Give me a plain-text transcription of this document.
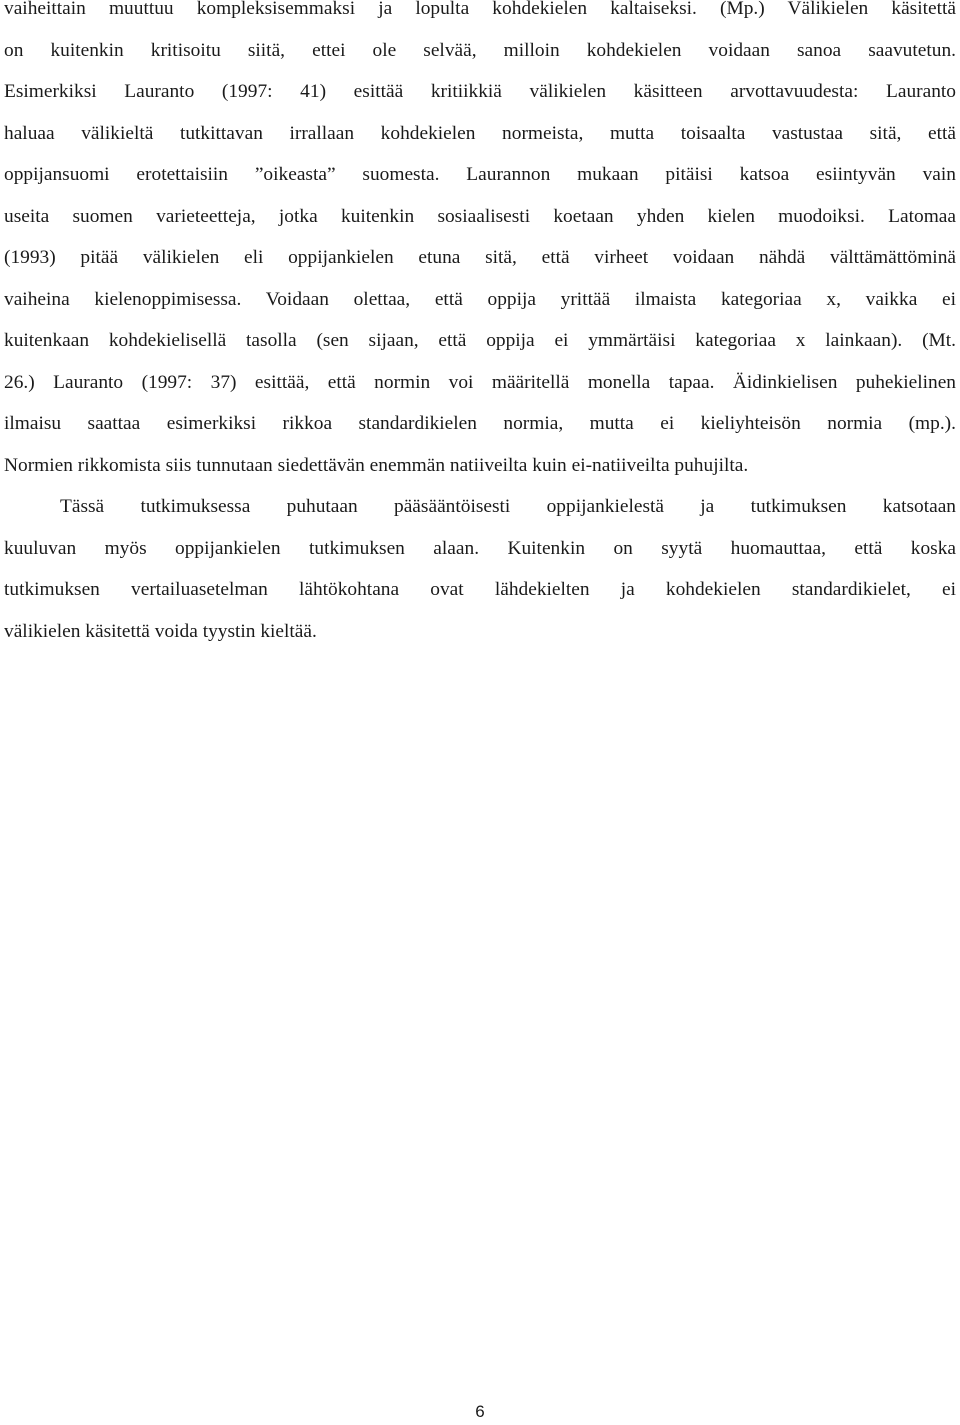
vaiheittain muuttuu kompleksisemmaksi ja lopulta kohdekielen kaltaiseksi. (Mp.) Välikielen käsitettä
on kuitenkin kritisoitu siitä, ettei ole selvää, milloin kohdekielen voidaan sanoa saavutetun.
Esimerkiksi Lauranto (1997: 41) esittää kritiikkiä välikielen käsitteen arvottavuudesta: Lauranto
haluaa välikieltä tutkittavan irrallaan kohdekielen normeista, mutta toisaalta vastustaa sitä, että
oppijansuomi erotettaisiin ”oikeasta” suomesta. Laurannon mukaan pitäisi katsoa esiintyvän vain
useita suomen varieteetteja, jotka kuitenkin sosiaalisesti koetaan yhden kielen muodoiksi. Latomaa
(1993) pitää välikielen eli oppijankielen etuna sitä, että virheet voidaan nähdä välttämättöminä
vaiheina kielenoppimisessa. Voidaan olettaa, että oppija yrittää ilmaista kategoriaa x, vaikka ei
kuitenkaan kohdekielisellä tasolla (sen sijaan, että oppija ei ymmärtäisi kategoriaa x lainkaan). (Mt.
26.) Lauranto (1997: 37) esittää, että normin voi määritellä monella tapaa. Äidinkielisen puhekielinen
ilmaisu saattaa esimerkiksi rikkoa standardikielen normia, mutta ei kieliyhteisön normia (mp.).
Normien rikkomista siis tunnutaan siedettävän enemmän natiiveilta kuin ei-natiiveilta puhujilta.

Tässä tutkimuksessa puhutaan pääsääntöisesti oppijankielestä ja tutkimuksen katsotaan
kuuluvan myös oppijankielen tutkimuksen alaan. Kuitenkin on syytä huomauttaa, että koska
tutkimuksen vertailuasetelman lähtökohtana ovat lähdekielten ja kohdekielen standardikielet, ei
välikielen käsitettä voida tyystin kieltää.

6
